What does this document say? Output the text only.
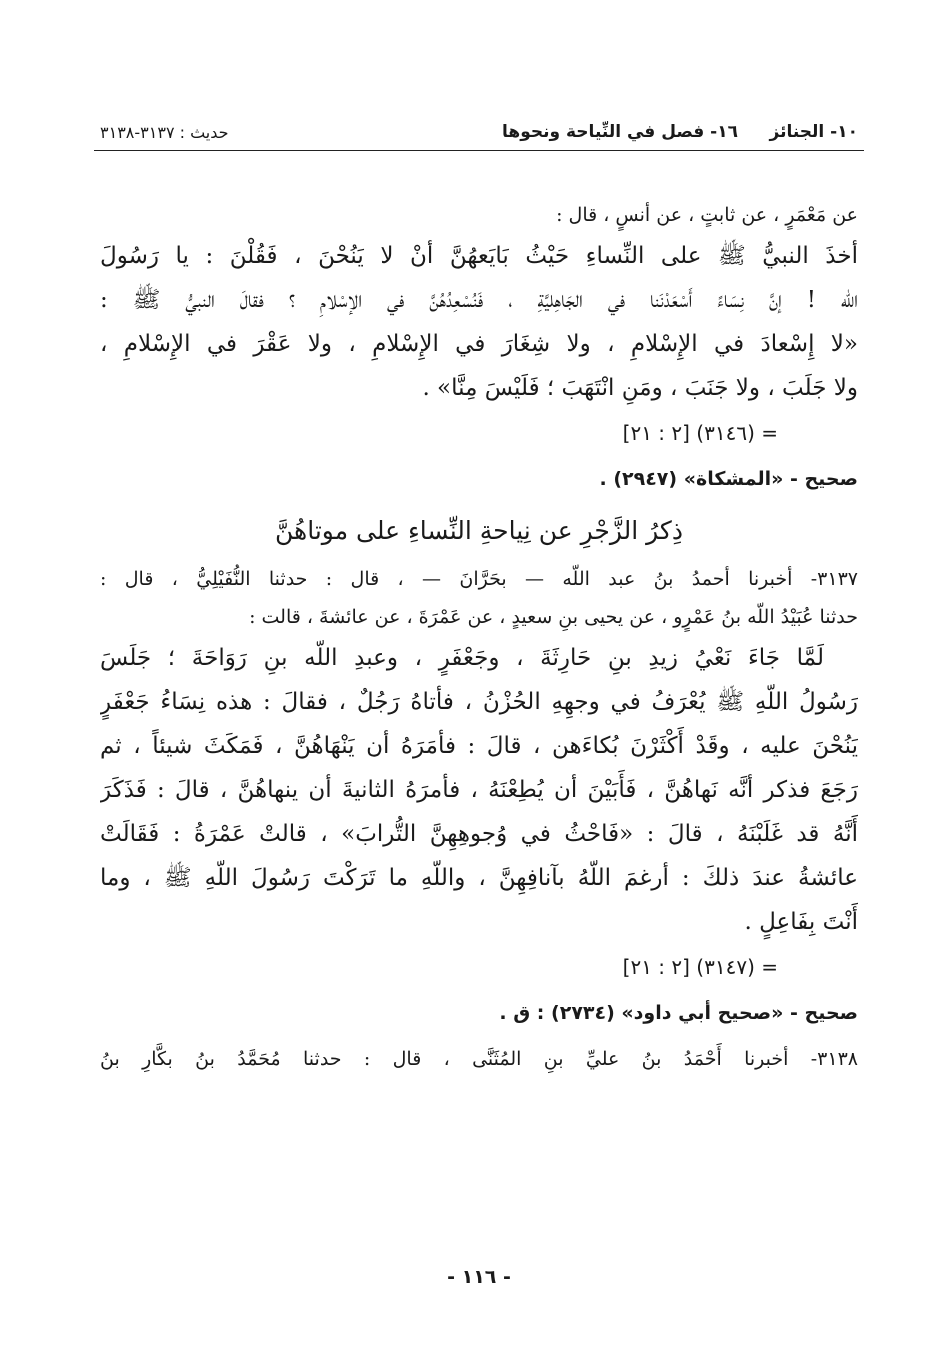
١٠- الجنائز
١٦- فصل في النِّياحة ونحوها
حديث : ٣١٣٧-٣١٣٨
عن مَعْمَرٍ ، عن ثابتٍ ، عن أنسٍ ، قال :
أخذَ النبيُّ ﷺ على النِّساءِ حَيْثُ بَايَعهُنَّ أنْ لا يَنُحْنَ ، فَقُلْنَ : يا رَسُولَ
اللّه ! إنَّ نِسَاءً أَسْعَدْنَنا في الجَاهِليَّةِ ، فَنُسْعِدُهُنَّ في الإسْلامِ ؟ فقالَ النبيُّ ﷺ :
«لا إِسْعادَ في الإِسْلامِ ، ولا شِغَارَ في الإِسْلامِ ، ولا عَقْرَ في الإِسْلامِ ،
ولا جَلَبَ ، ولا جَنَبَ ، ومَنِ انْتَهَبَ ؛ فَلَيْسَ مِنَّا» .
= (٣١٤٦) [٢ : ٢١]
صحيح - «المشكاة» (٢٩٤٧) .
ذِكرُ الزَّجْرِ عن نِياحةِ النِّساءِ على موتاهُنَّ
٣١٣٧- أخبرنا أحمدُ بنُ عبد اللّه — بحَرَّانَ — ، قال : حدثنا النُّفَيْلِيُّ ، قال :
حدثنا عُبَيْدُ اللّه بنُ عَمْرٍو ، عن يحيى بنِ سعيدٍ ، عن عَمْرَةَ ، عن عائشةَ ، قالت :
لَمَّا جَاءَ نَعْيُ زيدِ بنِ حَارِثَةَ ، وجَعْفَرٍ ، وعبدِ اللّه بنِ رَوَاحَةَ ؛ جَلَسَ
رَسُولُ اللّهِ ﷺ يُعْرَفُ في وجهِهِ الحُزْنُ ، فأتاهُ رَجُلٌ ، فقالَ : هذه نِسَاءُ جَعْفَرٍ
يَنُحْنَ عليه ، وقَدْ أَكْثَرْنَ بُكاءَهن ، قالَ : فأمَرَهُ أن يَنْهَاهُنَّ ، فَمَكَثَ شيئاً ، ثم
رَجَعَ فذكر أنَّه نَهاهُنَّ ، فَأَبَيْنَ أن يُطِعْنَهُ ، فأمرَهُ الثانيةَ أن ينهاهُنَّ ، قالَ : فَذَكَرَ
أَنَّهُ قد غَلَبْنَهُ ، قالَ : «فَاحْثُ في وُجوهِهِنَّ التُّرابَ» ، قالتْ عَمْرَةُ : فَقَالَتْ
عائشةُ عندَ ذلكَ : أرغمَ اللّهُ بآنافِهِنَّ ، واللّهِ ما تَرَكْتَ رَسُولَ اللّهِ ﷺ ، وما
أَنْتَ بِفَاعِلٍ .
= (٣١٤٧) [٢ : ٢١]
صحيح - «صحيح أبي داود» (٢٧٣٤) : ق .
٣١٣٨- أخبرنا أَحْمَدُ بنُ عليِّ بنِ المُثَنَّى ، قال : حدثنا مُحَمَّدُ بنُ بكَّارِ بنُ
- ١١٦ -
